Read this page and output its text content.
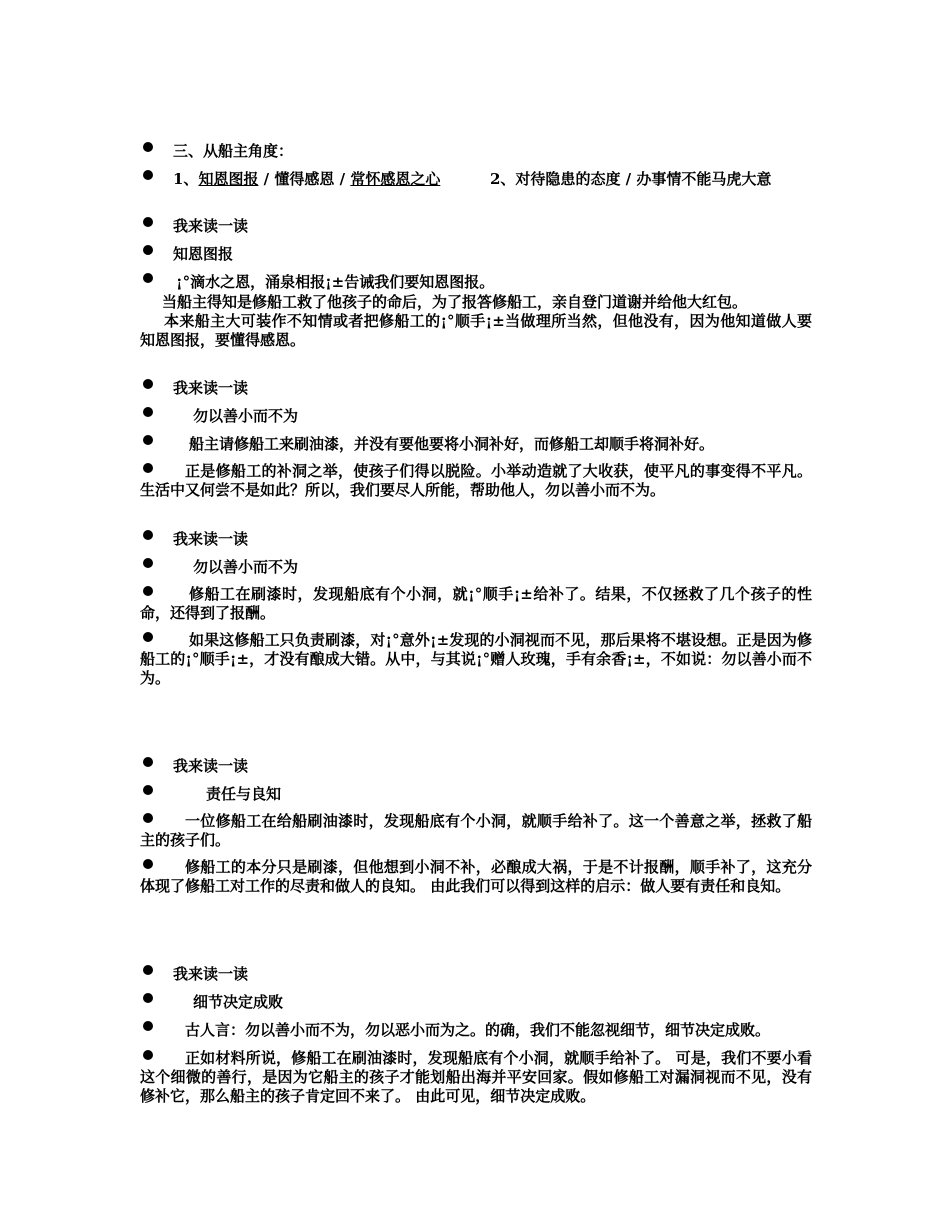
三、从船主角度：
1、知恩图报 / 懂得感恩 / 常怀感恩之心	2、对待隐患的态度 / 办事情不能马虎大意
我来读一读
知恩图报
¡°滴水之恩，涌泉相报¡±告诫我们要知恩图报。
当船主得知是修船工救了他孩子的命后，为了报答修船工，亲自登门道谢并给他大红包。
本来船主大可装作不知情或者把修船工的¡°顺手¡±当做理所当然，但他没有，因为他知道做人要知恩图报，要懂得感恩。
我来读一读
勿以善小而不为
船主请修船工来刷油漆，并没有要他要将小洞补好，而修船工却顺手将洞补好。
正是修船工的补洞之举，使孩子们得以脱险。小举动造就了大收获，使平凡的事变得不平凡。生活中又何尝不是如此？所以，我们要尽人所能，帮助他人，勿以善小而不为。
我来读一读
勿以善小而不为
修船工在刷漆时，发现船底有个小洞，就¡°顺手¡±给补了。结果，不仅拯救了几个孩子的性命，还得到了报酬。
如果这修船工只负责刷漆，对¡°意外¡±发现的小洞视而不见，那后果将不堪设想。正是因为修船工的¡°顺手¡±，才没有酿成大错。从中，与其说¡°赠人玫瑰，手有余香¡±，不如说：勿以善小而不为。
我来读一读
责任与良知
一位修船工在给船刷油漆时，发现船底有个小洞，就顺手给补了。这一个善意之举，拯救了船主的孩子们。
修船工的本分只是刷漆，但他想到小洞不补，必酿成大祸，于是不计报酬，顺手补了，这充分体现了修船工对工作的尽责和做人的良知。 由此我们可以得到这样的启示：做人要有责任和良知。
我来读一读
细节决定成败
古人言：勿以善小而不为，勿以恶小而为之。的确，我们不能忽视细节，细节决定成败。
正如材料所说，修船工在刷油漆时，发现船底有个小洞，就顺手给补了。 可是，我们不要小看这个细微的善行，是因为它船主的孩子才能划船出海并平安回家。假如修船工对漏洞视而不见，没有修补它，那么船主的孩子肯定回不来了。 由此可见，细节决定成败。
